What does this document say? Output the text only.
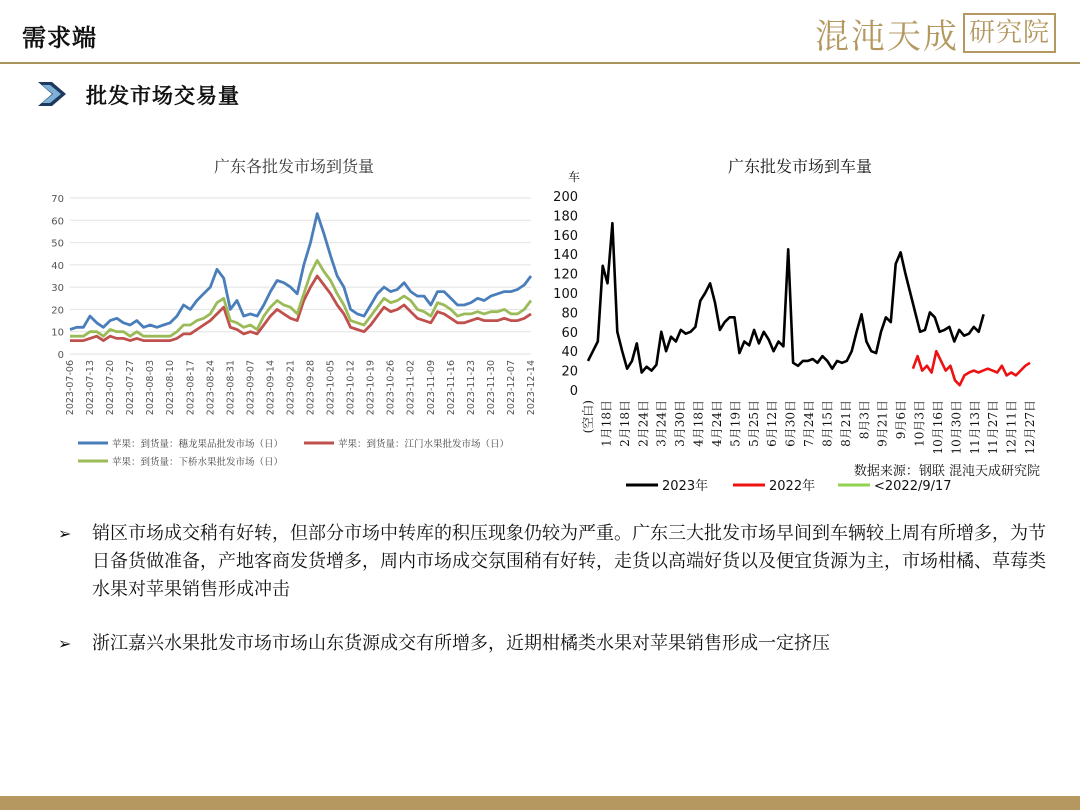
需求端	混沌天成 研究院
批发市场交易量
广东各批发市场到货量
0
10
20
30
40
50
60
70
2023-07-06 2023-07-13 2023-07-20 2023-07-27 2023-08-03 2023-08-10 2023-08-17 2023-08-24 2023-08-31 2023-09-07 2023-09-14 2023-09-21 2023-09-28 2023-10-05 2023-10-12 2023-10-19 2023-10-26 2023-11-02 2023-11-09 2023-11-16 2023-11-23 2023-11-30 2023-12-07 2023-12-14
苹果：到货量：穗龙果品批发市场（日）	苹果：到货量：江门水果批发市场（日）
苹果：到货量：下桥水果批发市场（日）
广东批发市场到车量
车
0
20
40
60
80
100
120
140
160
180
200
(空白) 1月18日 2月18日 2月24日 3月24日 3月30日 4月18日 4月24日 5月19日 5月25日 6月12日 6月30日 7月24日 8月15日 8月21日 8月3日 9月21日 9月6日 10月3日 10月16日 10月30日 11月13日 11月27日 12月11日 12月27日
数据来源：钢联 混沌天成研究院
2023年	2022年	<2022/9/17
➢	销区市场成交稍有好转，但部分市场中转库的积压现象仍较为严重。广东三大批发市场早间到车辆较上周有所增多，为节日备货做准备，产地客商发货增多，周内市场成交氛围稍有好转，走货以高端好货以及便宜货源为主，市场柑橘、草莓类水果对苹果销售形成冲击
➢	浙江嘉兴水果批发市场市场山东货源成交有所增多，近期柑橘类水果对苹果销售形成一定挤压
